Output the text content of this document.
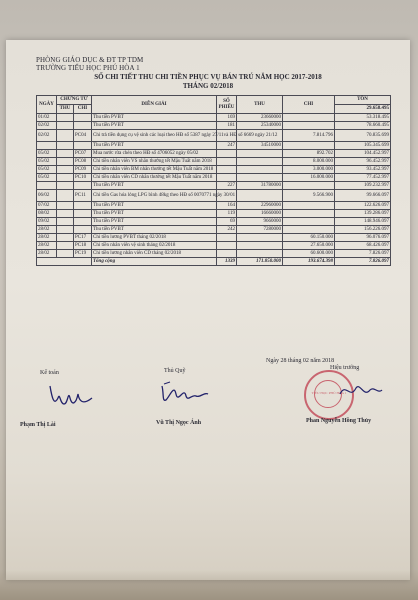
PHÒNG GIÁO DỤC & ĐT TP TDM
TRƯỜNG TIỂU HỌC PHÚ HÒA 1
SỔ CHI TIẾT THU CHI TIỀN PHỤC VỤ BÁN TRÚ NĂM HỌC 2017-2018
THÁNG 02/2018
NGÀY	CHỨNG TỪ		DIỄN GIẢI	SỐ PHIẾU	THU	CHI	TỒN
	THU	CHI					29.658.495
01/02			Thu tiền PVBT	169	23660000		53.318.495
02/02			Thu tiền PVBT	181	25340000		78.660.495
02/02		PC04	Chi trả tiền dụng cụ vệ sinh các loại theo HĐ số 5387 ngày 27/11và HĐ số 6669 ngày 21/12			7.814.796	70.835.699
			Thu tiền PVBT	247	34510000		105.345.699
05/02		PC07	Mua nước rửa chén theo HĐ số 4706052 ngày 05/02			892.702	104.452.997
05/02		PC08	Chi tiền nhân viên VS nhân thưởng tết Mậu Tuất năm 2018			8.000.000	96.452.997
05/02		PC09	Chi tiền nhân viên BM nhân thưởng tết Mậu Tuất năm 2018			3.000.000	93.452.997
05/02		PC10	Chi tiền nhân viên CD nhân thưởng tết Mậu Tuất năm 2018			16.000.000	77.452.997
			Thu tiền PVBT	227	31780000		109.232.997
06/02		PC11	Chi tiền Gas hóa lỏng LPG bình 48kg theo HĐ số 0070771 ngày 30/01			9.566.900	99.666.097
07/02			Thu tiền PVBT	164	22960000		122.626.097
08/02			Thu tiền PVBT	119	16660000		139.286.097
09/02			Thu tiền PVBT	69	9660000		148.946.097
28/02			Thu tiền PVBT	242	7280000		156.226.097
28/02		PC17	Chi tiền lương PVBT tháng 02/2018			60.150.000	96.076.097
28/02		PC18	Chi tiền nhân viên vệ sinh tháng 02/2018			27.650.000	68.426.097
28/02		PC19	Chi tiền lương nhân viên CD tháng 02/2018			60.600.000	7.826.097
			Tổng cộng	1339	171.850.000	193.674.398	7.826.097
Ngày 28 tháng 02 năm 2018
Kế toán	Thủ Quỹ	Hiệu trưởng
TIỂU HỌC PHÚ HÒA 1
Phạm Thị Lài	Vũ Thị Ngọc Ánh	Phan Nguyễn Hồng Thủy
